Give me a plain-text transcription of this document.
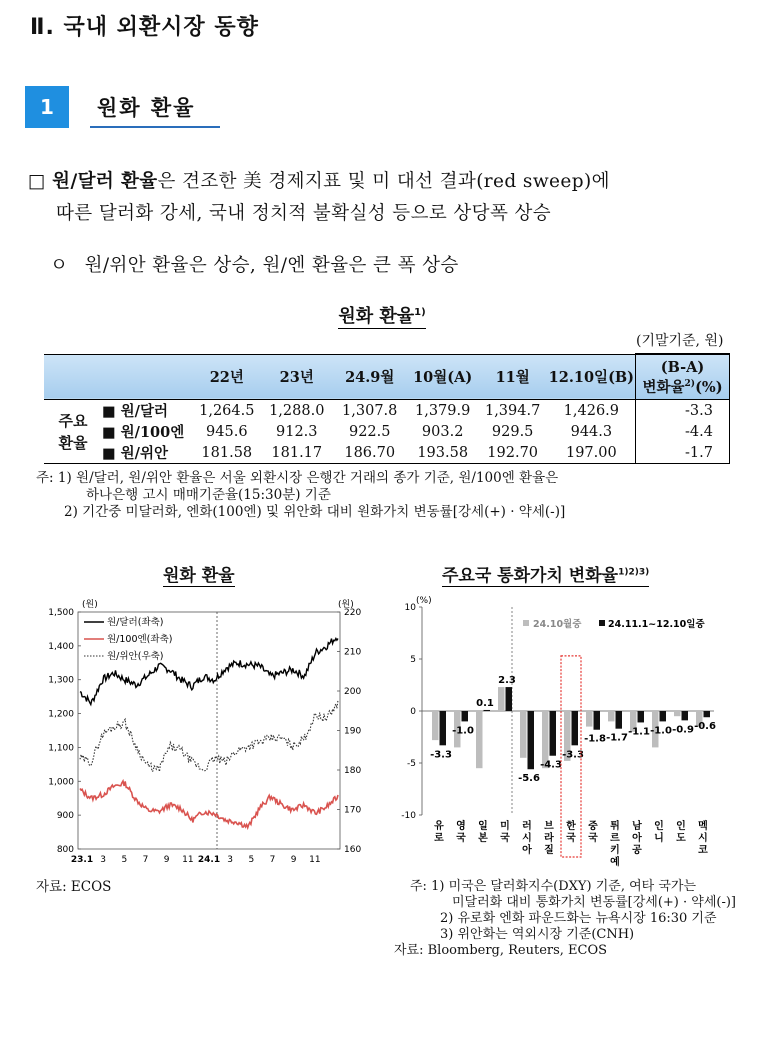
Ⅱ. 국내 외환시장 동향
1	원화 환율
□ 원/달러 환율은 견조한 美 경제지표 및 미 대선 결과(red sweep)에
따른 달러화 강세, 국내 정치적 불확실성 등으로 상당폭 상승
ㅇ 원/위안 환율은 상승, 원/엔 환율은 큰 폭 상승
원화 환율$^{1)}$
(기말기준, 원)
		22년	23년	24.9월	10월(A)	11월	12.10일(B)	(B-A)
변화율$^{2)}$(%)

주요
환율	■ 원/달러	1,264.5	1,288.0	1,307.8	1,379.9	1,394.7	1,426.9	-3.3
	■ 원/100엔	945.6	912.3	922.5	903.2	929.5	944.3	-4.4
	■ 원/위안	181.58	181.17	186.70	193.58	192.70	197.00	-1.7
주: 1) 원/달러, 원/위안 환율은 서울 외환시장 은행간 거래의 종가 기준, 원/100엔 환율은
하나은행 고시 매매기준율(15:30분) 기준
2) 기간중 미달러화, 엔화(100엔) 및 위안화 대비 원화가치 변동률[강세(+) · 약세(-)]
원화 환율	주요국 통화가치 변화율$^{1)2)3)}$
(원)	(원)
1,500
1,400
1,300
1,200
1,100
1,000
900
800
220
210
200
190
180
170
160
23.1 3 5 7 9 11 24.1 3 5 7 9 11
원/달러(좌축)
원/100엔(좌축)
원/위안(우축)
(%)
10
5
0
-5
-10
-3.3
-1.0
0.1
2.3
-5.6
-4.3
-3.3
-1.8 -1.7
-1.1 -1.0 -0.9 -0.6
유
로
영
국
일
본
미
국
러
시
아
브
라
질
한
국
중
국
튀
르
키
예
남
아
공
인
니
인
도
멕
시
코
24.10월중	24.11.1~12.10일중
자료: ECOS	주: 1) 미국은 달러화지수(DXY) 기준, 여타 국가는
미달러화 대비 통화가치 변동률[강세(+) · 약세(-)]
2) 유로화 엔화 파운드화는 뉴욕시장 16:30 기준
3) 위안화는 역외시장 기준(CNH)
자료: Bloomberg, Reuters, ECOS
